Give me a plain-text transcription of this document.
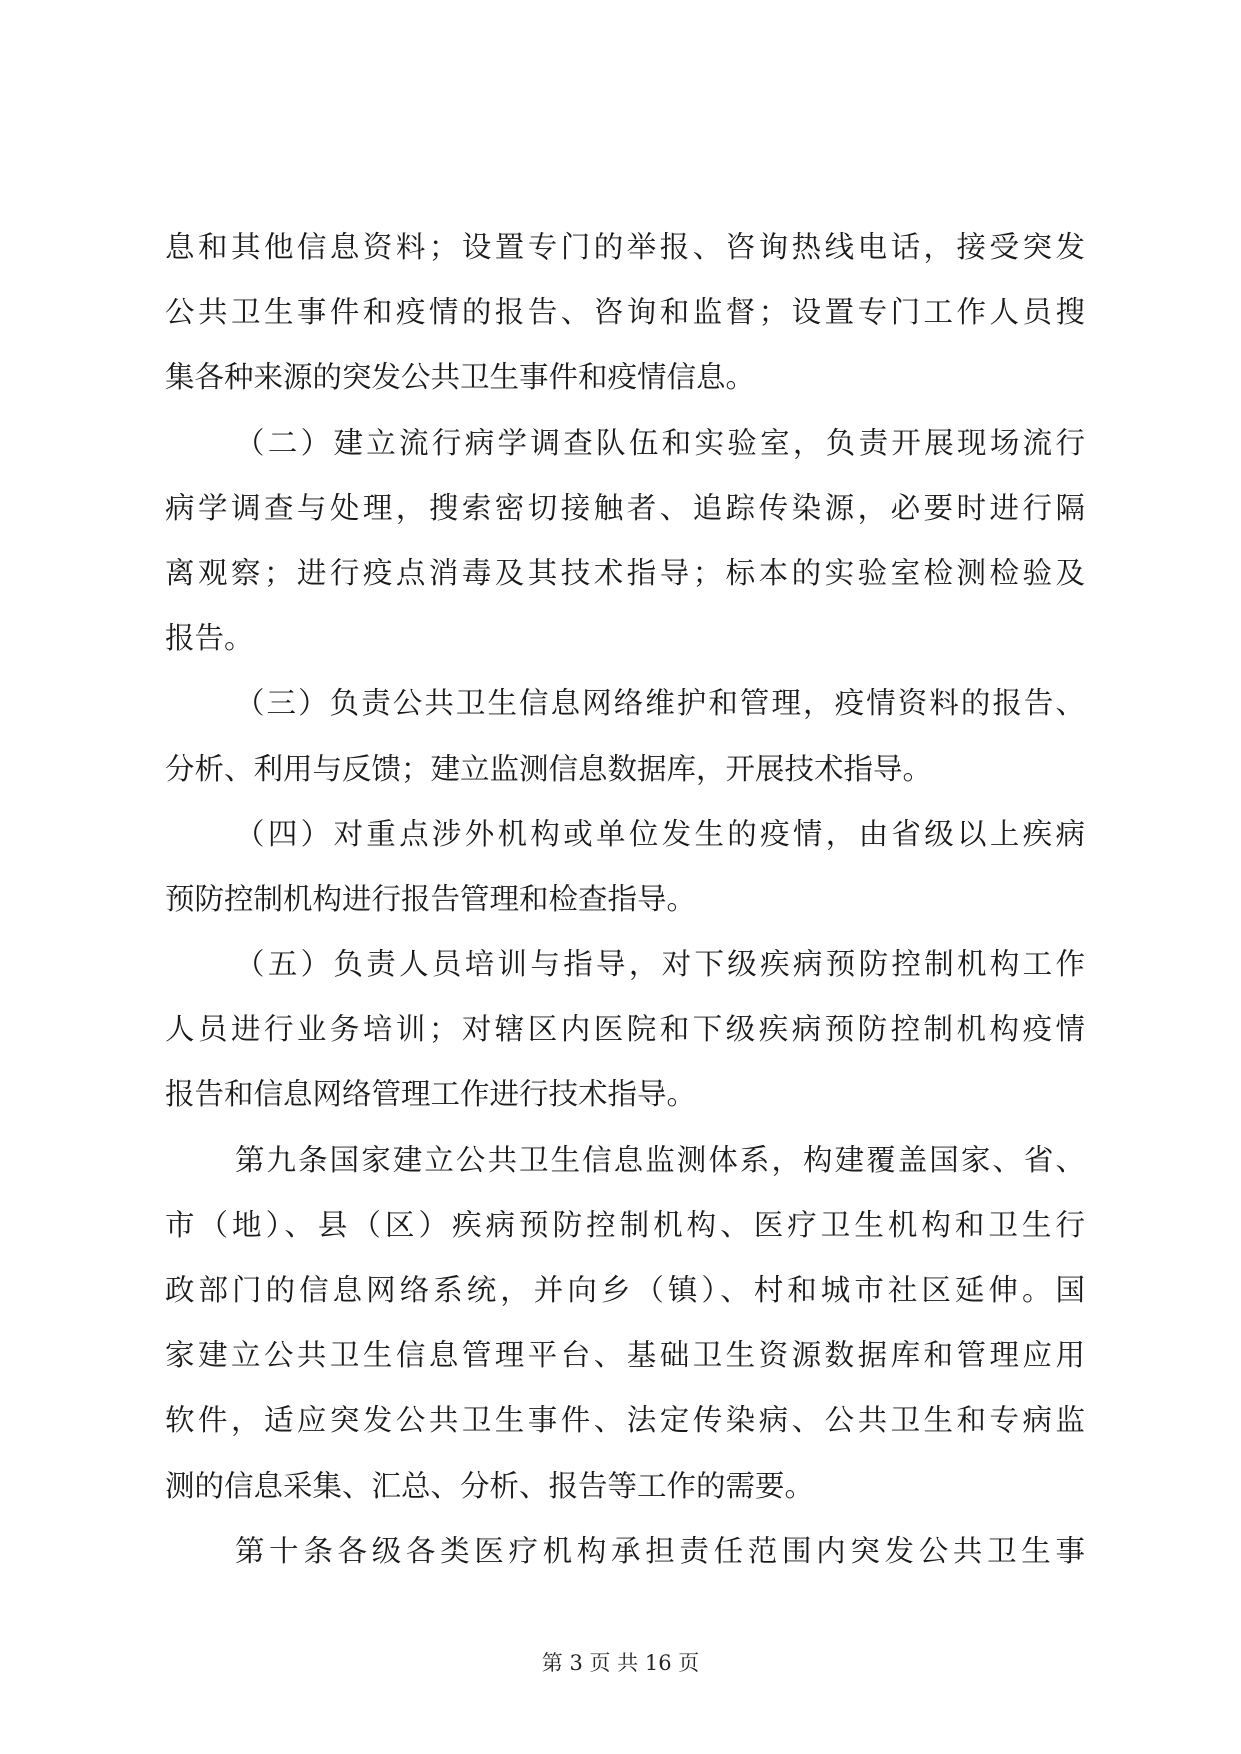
息和其他信息资料；设置专门的举报、咨询热线电话，接受突发
公共卫生事件和疫情的报告、咨询和监督；设置专门工作人员搜
集各种来源的突发公共卫生事件和疫情信息。
（二）建立流行病学调查队伍和实验室，负责开展现场流行
病学调查与处理，搜索密切接触者、追踪传染源，必要时进行隔
离观察；进行疫点消毒及其技术指导；标本的实验室检测检验及
报告。
（三）负责公共卫生信息网络维护和管理，疫情资料的报告、
分析、利用与反馈；建立监测信息数据库，开展技术指导。
（四）对重点涉外机构或单位发生的疫情，由省级以上疾病
预防控制机构进行报告管理和检查指导。
（五）负责人员培训与指导，对下级疾病预防控制机构工作
人员进行业务培训；对辖区内医院和下级疾病预防控制机构疫情
报告和信息网络管理工作进行技术指导。
第九条国家建立公共卫生信息监测体系，构建覆盖国家、省、
市（地）、县（区）疾病预防控制机构、医疗卫生机构和卫生行
政部门的信息网络系统，并向乡（镇）、村和城市社区延伸。国
家建立公共卫生信息管理平台、基础卫生资源数据库和管理应用
软件，适应突发公共卫生事件、法定传染病、公共卫生和专病监
测的信息采集、汇总、分析、报告等工作的需要。
第十条各级各类医疗机构承担责任范围内突发公共卫生事
第 3 页 共 16 页
